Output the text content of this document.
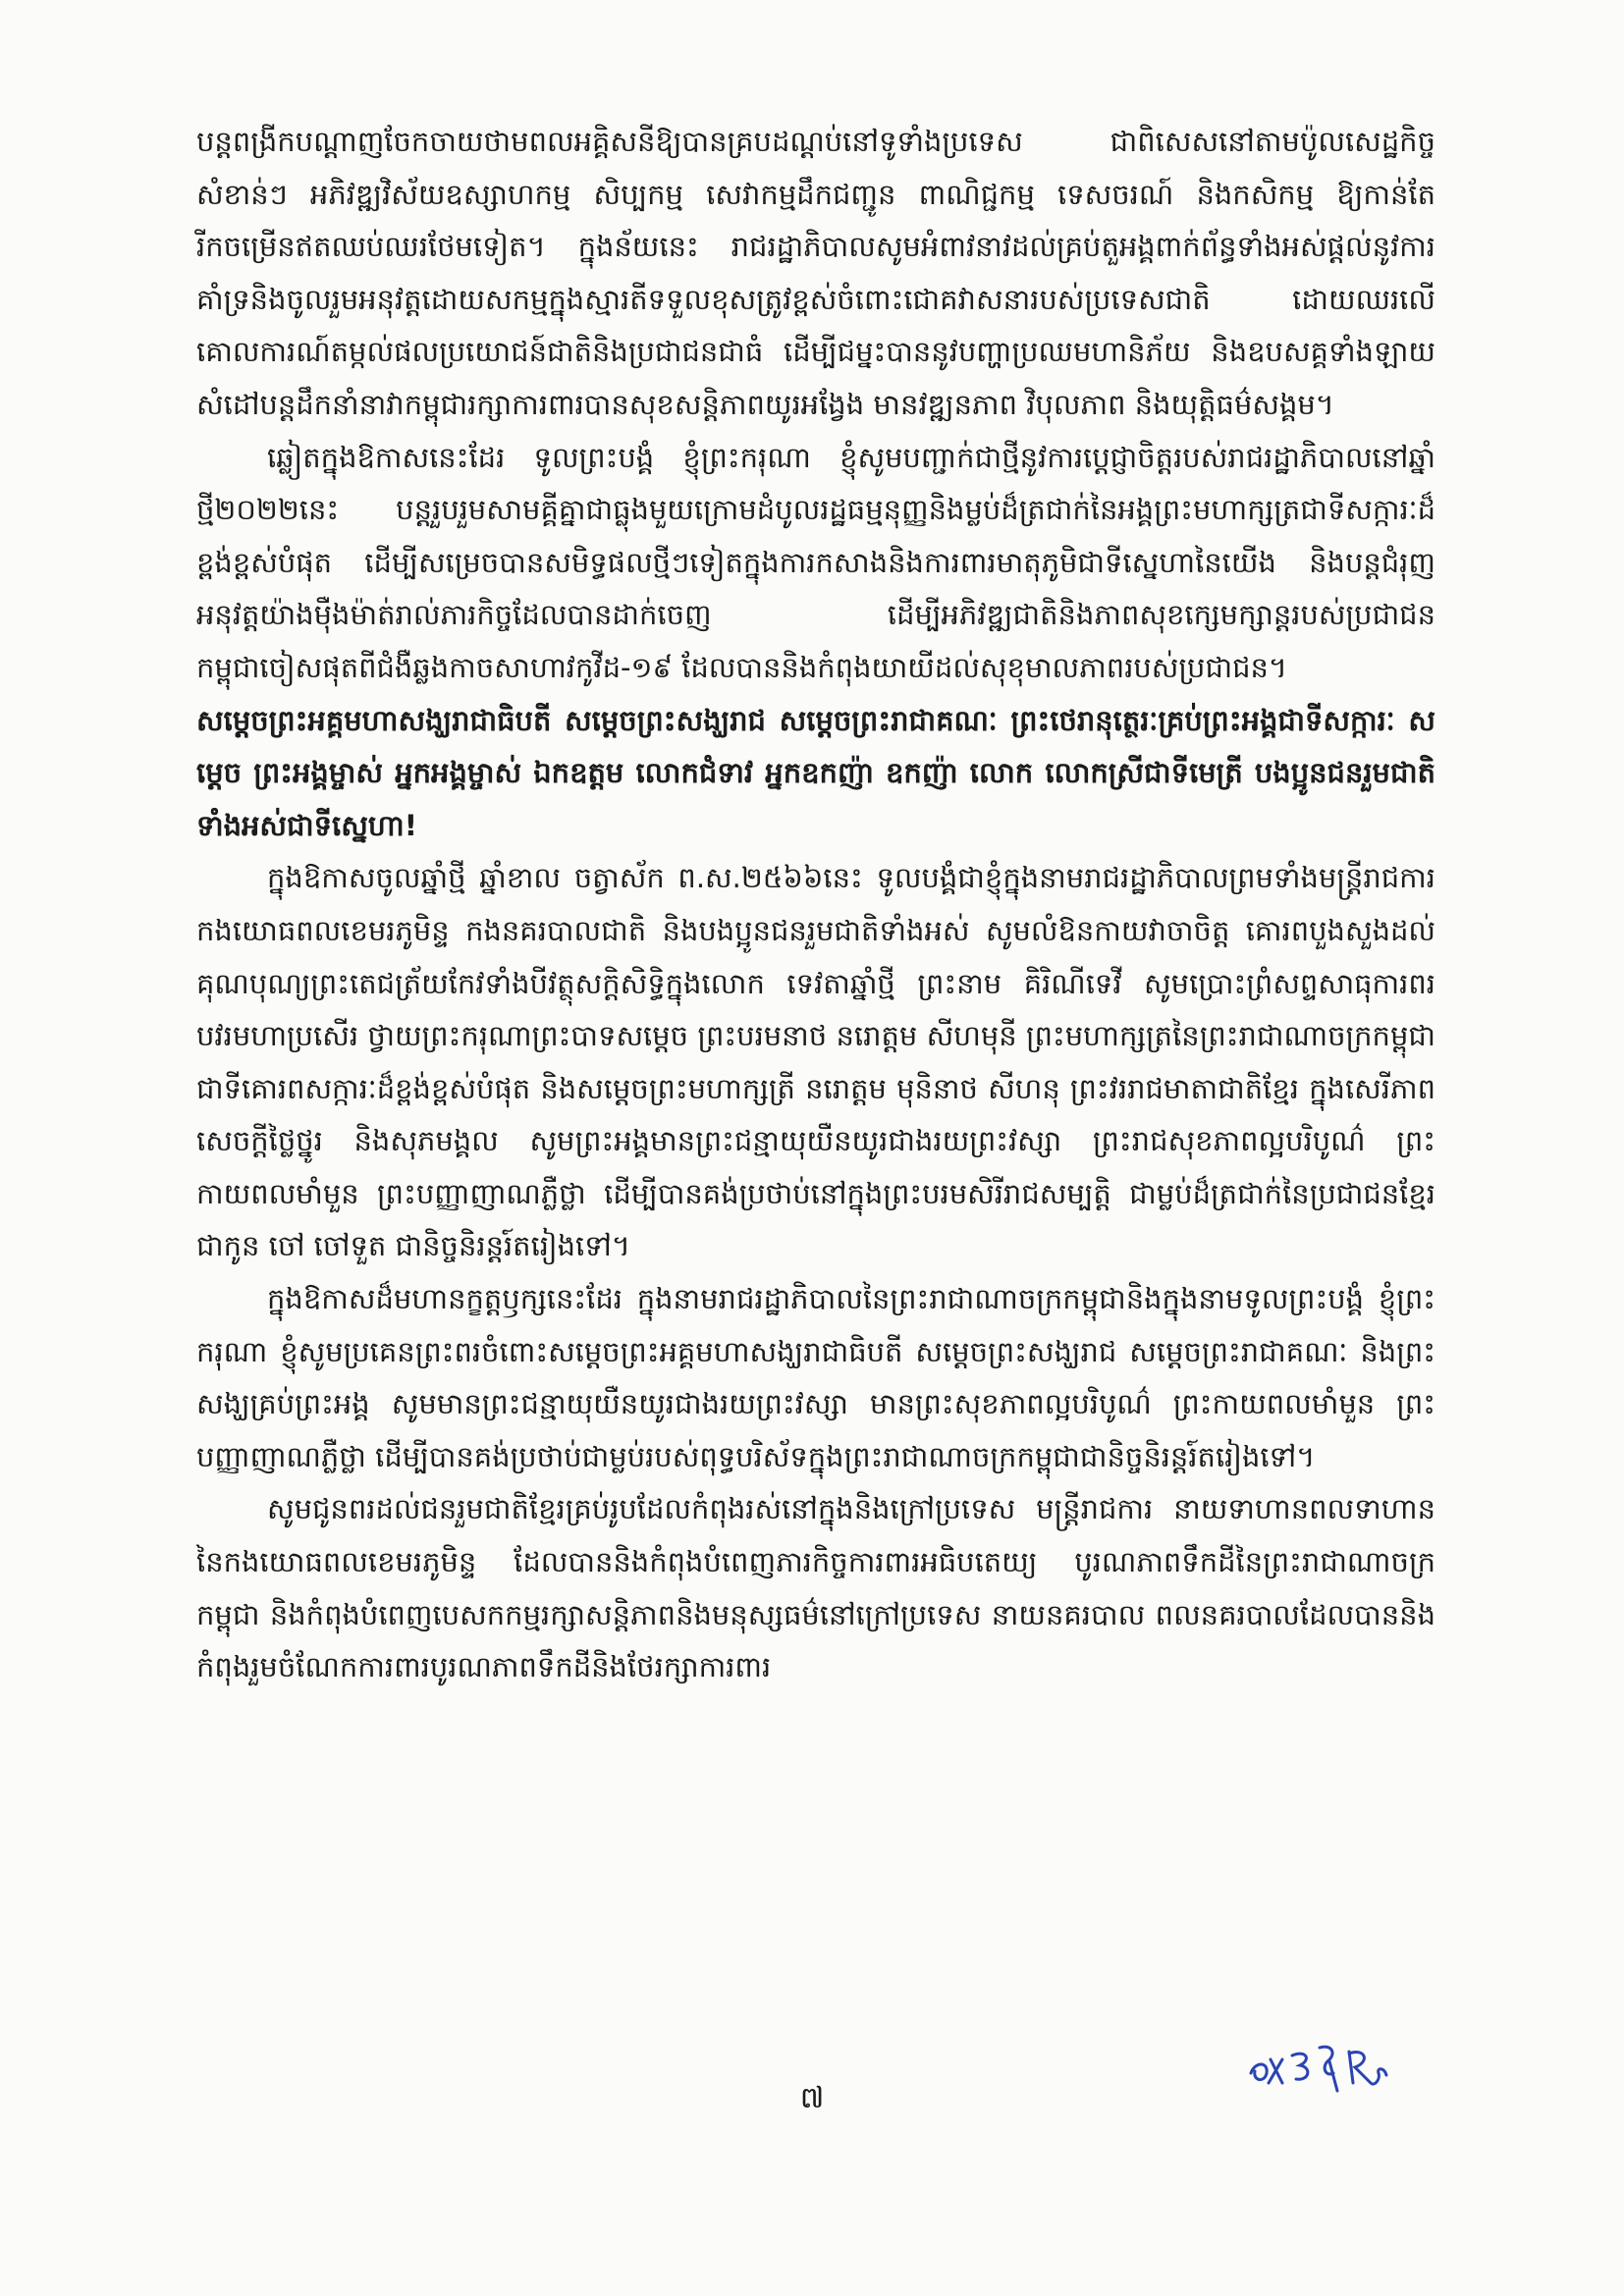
បន្តពង្រីកបណ្តាញចែកចាយថាមពលអគ្គិសនីឱ្យបានគ្របដណ្តប់នៅទូទាំងប្រទេស ជាពិសេសនៅតាមប៉ូលសេដ្ឋកិច្ចសំខាន់ៗ អភិវឌ្ឍវិស័យឧស្សាហកម្ម សិប្បកម្ម សេវាកម្មដឹកជញ្ជូន ពាណិជ្ជកម្ម ទេសចរណ៍ និងកសិកម្ម ឱ្យកាន់តែរីកចម្រើនឥតឈប់ឈរថែមទៀត។ ក្នុងន័យនេះ រាជរដ្ឋាភិបាលសូមអំពាវនាវដល់គ្រប់តួអង្គពាក់ព័ន្ធទាំងអស់ផ្តល់នូវការគាំទ្រនិងចូលរួមអនុវត្តដោយសកម្មក្នុងស្មារតីទទួលខុសត្រូវខ្ពស់ចំពោះជោគវាសនារបស់ប្រទេសជាតិ ដោយឈរលើគោលការណ៍តម្កល់ផលប្រយោជន៍ជាតិនិងប្រជាជនជាធំ ដើម្បីជម្នះបាននូវបញ្ហាប្រឈមហានិភ័យ និងឧបសគ្គទាំងឡាយ សំដៅបន្តដឹកនាំនាវាកម្ពុជារក្សាការពារបានសុខសន្តិភាពយូរអង្វែង មានវឌ្ឍនភាព វិបុលភាព និងយុត្តិធម៌សង្គម។

ឆ្លៀតក្នុងឱកាសនេះដែរ ទូលព្រះបង្គំ ខ្ញុំព្រះករុណា ខ្ញុំសូមបញ្ជាក់ជាថ្មីនូវការប្តេជ្ញាចិត្តរបស់រាជរដ្ឋាភិបាលនៅឆ្នាំថ្មី២០២២នេះ បន្តរួបរួមសាមគ្គីគ្នាជាធ្លុងមួយក្រោមដំបូលរដ្ឋធម្មនុញ្ញនិងម្លប់ដ៏ត្រជាក់នៃអង្គព្រះមហាក្សត្រជាទីសក្ការៈដ៏ខ្ពង់ខ្ពស់បំផុត ដើម្បីសម្រេចបានសមិទ្ធផលថ្មីៗទៀតក្នុងការកសាងនិងការពារមាតុភូមិជាទីស្នេហានៃយើង និងបន្តជំរុញអនុវត្តយ៉ាងម៉ឺងម៉ាត់រាល់ភារកិច្ចដែលបានដាក់ចេញ ដើម្បីអភិវឌ្ឍជាតិនិងភាពសុខក្សេមក្សាន្តរបស់ប្រជាជនកម្ពុជាចៀសផុតពីជំងឺឆ្លងកាចសាហាវកូវីដ-១៩ ដែលបាននិងកំពុងយាយីដល់សុខុមាលភាពរបស់ប្រជាជន។

សម្តេចព្រះអគ្គមហាសង្ឃរាជាធិបតី សម្តេចព្រះសង្ឃរាជ សម្តេចព្រះរាជាគណៈ ព្រះថេរានុត្ថេរៈគ្រប់ព្រះអង្គជាទីសក្ការៈ សម្តេច ព្រះអង្គម្ចាស់ អ្នកអង្គម្ចាស់ ឯកឧត្តម លោកជំទាវ អ្នកឧកញ៉ា ឧកញ៉ា លោក លោកស្រីជាទីមេត្រី បងប្អូនជនរួមជាតិទាំងអស់ជាទីស្នេហា!

ក្នុងឱកាសចូលឆ្នាំថ្មី ឆ្នាំខាល ចត្វាស័ក ព.ស.២៥៦៦នេះ ទូលបង្គំជាខ្ញុំក្នុងនាមរាជរដ្ឋាភិបាលព្រមទាំងមន្ត្រីរាជការ កងយោធពលខេមរភូមិន្ទ កងនគរបាលជាតិ និងបងប្អូនជនរួមជាតិទាំងអស់ សូមលំឱនកាយវាចាចិត្ត គោរពបួងសួងដល់គុណបុណ្យព្រះតេជត្រ័យកែវទាំងបីវត្ថុសក្តិសិទ្ធិក្នុងលោក ទេវតាឆ្នាំថ្មី ព្រះនាម គិរិណីទេវី សូមប្រោះព្រំសព្ទសាធុការពរ បវរមហាប្រសើរ ថ្វាយព្រះករុណាព្រះបាទសម្តេច ព្រះបរមនាថ នរោត្តម សីហមុនី ព្រះមហាក្សត្រនៃព្រះរាជាណាចក្រកម្ពុជា ជាទីគោរពសក្ការៈដ៏ខ្ពង់ខ្ពស់បំផុត និងសម្តេចព្រះមហាក្សត្រី នរោត្តម មុនិនាថ សីហនុ ព្រះវររាជមាតាជាតិខ្មែរ ក្នុងសេរីភាព សេចក្តីថ្លៃថ្នូរ និងសុភមង្គល សូមព្រះអង្គមានព្រះជន្មាយុយឺនយូរជាងរយព្រះវស្សា ព្រះរាជសុខភាពល្អបរិបូណ៌ ព្រះកាយពលមាំមួន ព្រះបញ្ញាញាណភ្លឺថ្លា ដើម្បីបានគង់ប្រថាប់នៅក្នុងព្រះបរមសិរីរាជសម្បត្តិ ជាម្លប់ដ៏ត្រជាក់នៃប្រជាជនខ្មែរជាកូន ចៅ ចៅទួត ជានិច្ចនិរន្តរ៍តរៀងទៅ។

ក្នុងឱកាសដ៏មហានក្ខត្តឫក្សនេះដែរ ក្នុងនាមរាជរដ្ឋាភិបាលនៃព្រះរាជាណាចក្រកម្ពុជានិងក្នុងនាមទូលព្រះបង្គំ ខ្ញុំព្រះករុណា ខ្ញុំសូមប្រគេនព្រះពរចំពោះសម្តេចព្រះអគ្គមហាសង្ឃរាជាធិបតី សម្តេចព្រះសង្ឃរាជ សម្តេចព្រះរាជាគណៈ និងព្រះសង្ឃគ្រប់ព្រះអង្គ សូមមានព្រះជន្មាយុយឺនយូរជាងរយព្រះវស្សា មានព្រះសុខភាពល្អបរិបូណ៌ ព្រះកាយពលមាំមួន ព្រះបញ្ញាញាណភ្លឺថ្លា ដើម្បីបានគង់ប្រថាប់ជាម្លប់របស់ពុទ្ធបរិស័ទក្នុងព្រះរាជាណាចក្រកម្ពុជាជានិច្ចនិរន្តរ៍តរៀងទៅ។

សូមជូនពរដល់ជនរួមជាតិខ្មែរគ្រប់រូបដែលកំពុងរស់នៅក្នុងនិងក្រៅប្រទេស មន្ត្រីរាជការ នាយទាហានពលទាហាននៃកងយោធពលខេមរភូមិន្ទ ដែលបាននិងកំពុងបំពេញភារកិច្ចការពារអធិបតេយ្យ បូរណភាពទឹកដីនៃព្រះរាជាណាចក្រកម្ពុជា និងកំពុងបំពេញបេសកកម្មរក្សាសន្តិភាពនិងមនុស្សធម៌នៅក្រៅប្រទេស នាយនគរបាល ពលនគរបាលដែលបាននិងកំពុងរួមចំណែកការពារបូរណភាពទឹកដីនិងថែរក្សាការពារ

៧
